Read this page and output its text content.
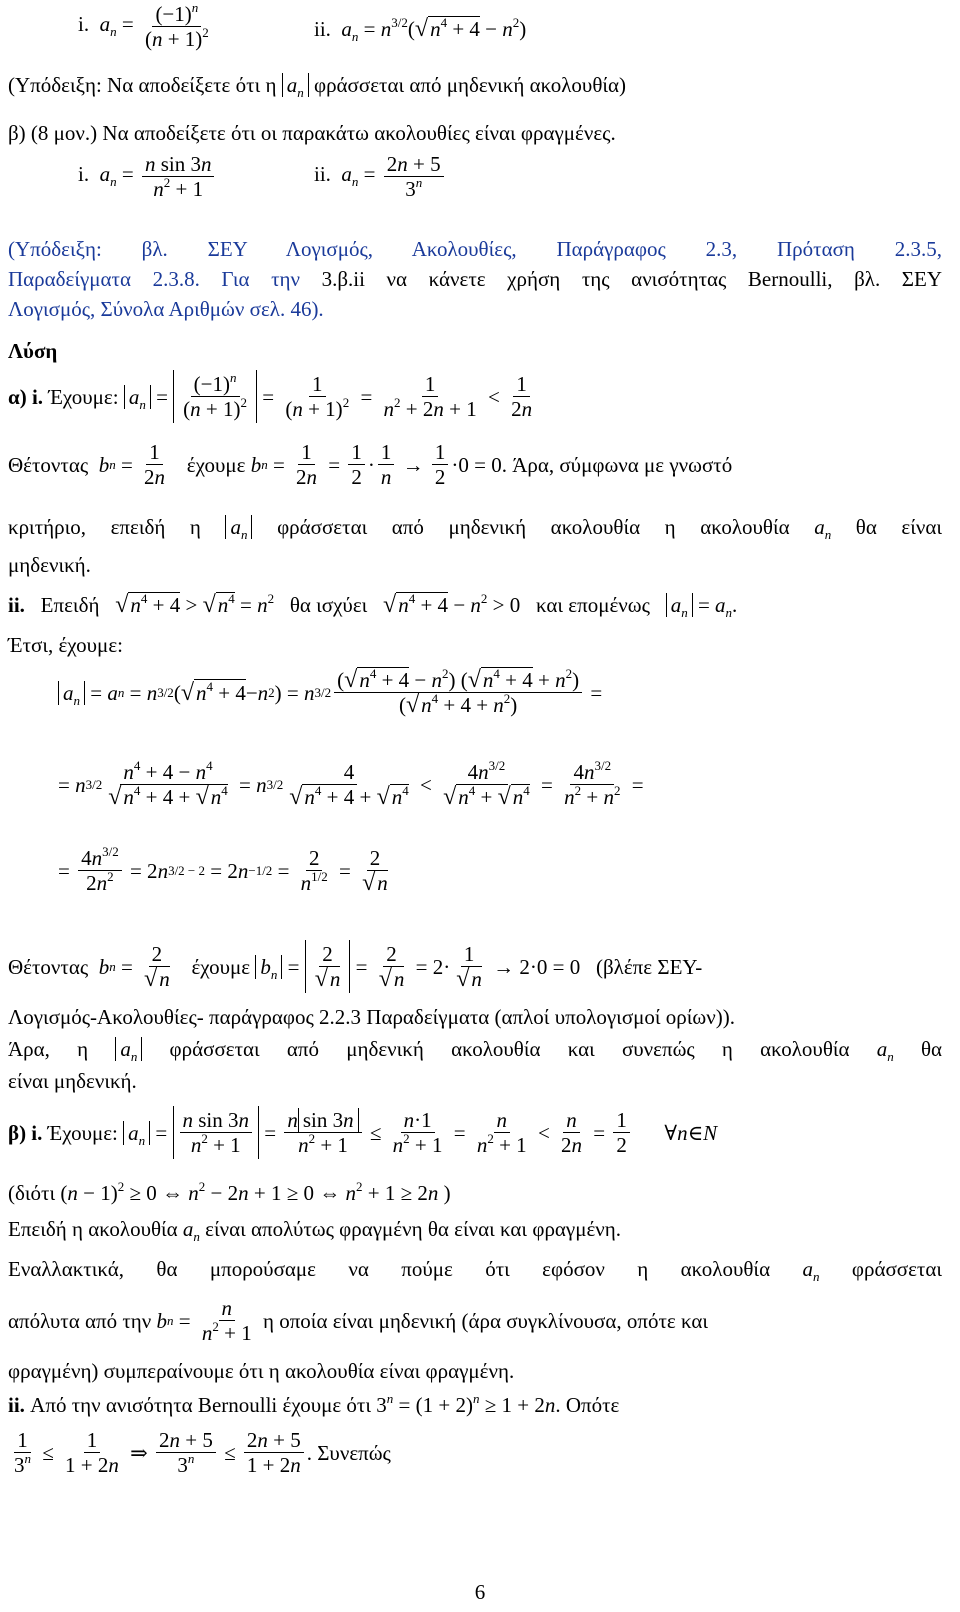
i.  $a_n = \frac{(-1)^n}{(n + 1)^2}$	ii.  $a_n = n^{3/2}(√n^4 + 4 - n^2)$
(Υπόδειξη: Να αποδείξετε ότι η $a_n$ φράσσεται από μηδενική ακολουθία)
β) (8 μον.) Να αποδείξετε ότι οι παρακάτω ακολουθίες είναι φραγμένες.
i.  $a_n = \frac{\text{n sin 3n}}{n^2 + 1}$	ii.  $a_n = \frac{2n + 5}{3^n}$
(Υπόδειξη: βλ. ΣΕΥ Λογισμός, Ακολουθίες, Παράγραφος 2.3, Πρόταση 2.3.5,
Παραδείγματα 2.3.8. Για την 3.β.ii να κάνετε χρήση της ανισότητας Bernoulli, βλ. ΣΕΥ
Λογισμός, Σύνολα Αριθμών σελ. 46).
Λύση
α) i.
Έχουμε:
$a_n = \frac{(-1)^n}{(n + 1)^2} = \frac{1}{(n + 1)^2} = \frac{1}{n^2 + 2n + 1} < \frac{1}{2n}$
Θέτοντας
b $n = \frac{1}{2n}$
έχουμε
b $n = \frac{1}{2n} = \frac{1}{2} \cdot \frac{1}{n} \to \frac{1}{2} \cdot 0 = 0$. Άρα, σύμφωνα με γνωστό
κριτήριο, επειδή η $a_n$ φράσσεται από μηδενική ακολουθία η ακολουθία $a_n$ θα είναι
μηδενική.
ii. Επειδή $√n^4 + 4 > √n^4 = n^2$ θα ισχύει $√n^4 + 4 - n^2 > 0$   και επομένως $a_n = a_n$.
Έτσι, έχουμε:
$a_n = a$ n = n 3/2 ( √ $n^4 + 4 - n$ 2 ) = n $3/2 \frac{(√n^4 + 4 - n^2) (√n^4 + 4 + n^2)}{(√n^4 + 4 + n^2)}$ =
= n $3/2 \frac{n^4 + 4 - n^4}{√n^4 + 4 + √n^4} = n$ $3/2 \frac{4}{√n^4 + 4 + √n^4} < \frac{4n^{3/2}}{√n^4 + √n^4} = \frac{4n^{3/2}}{n^2 + n^2}$ =
= $\frac{4n^{3/2}}{2n^2} = 2$ n 3/2 − 2 = 2 $n -1/2 = \frac{2}{n^{1/2}} = \frac{2}{√n}$
Θέτοντας
b $n = \frac{2}{√n}$
έχουμε
$b_n = \frac{2}{√n} = \frac{2}{√n} = 2\cdot \frac{1}{√n} \to 2\cdot 0 = 0$ (βλέπε ΣΕΥ-
Λογισμός-Ακολουθίες- παράγραφος 2.2.3 Παραδείγματα (απλοί υπολογισμοί ορίων)).
Άρα, η $a_n$ φράσσεται από μηδενική ακολουθία και συνεπώς η ακολουθία $a_n$ θα
είναι μηδενική.
β) i.
Έχουμε:
$a_n = \frac{\text{n sin 3n}}{n^2 + 1} = \frac{\text{n sin 3n}}{n^2 + 1} \le \frac{n\cdot 1}{n^2 + 1} = \frac{n}{n^2 + 1} < \frac{n}{2n} = \frac{1}{2}$ ∀ n ∈ N
(διότι $(n - 1)^2 \ge 0$ ⇔ $n^2 - 2n + 1 \ge 0$ ⇔ $n^2 + 1 \ge 2n$ )
Επειδή η ακολουθία $a_n$ είναι απολύτως φραγμένη θα είναι και φραγμένη.
Εναλλακτικά, θα μπορούσαμε να πούμε ότι εφόσον η ακολουθία $a_n$ φράσσεται
απόλυτα από την
b $n = \frac{n}{n^2 + 1}$
η οποία είναι μηδενική (άρα συγκλίνουσα, οπότε και
φραγμένη) συμπεραίνουμε ότι η ακολουθία είναι φραγμένη.
ii. Από την ανισότητα Bernoulli έχουμε ότι $3^n = (1 + 2)^n \ge 1 + 2n$. Οπότε
$\frac{1}{3^n} \le \frac{1}{1 + 2n}$ ⇒ $\frac{2n + 5}{3^n} \le \frac{2n + 5}{1 + 2n}$ . Συνεπώς
6
